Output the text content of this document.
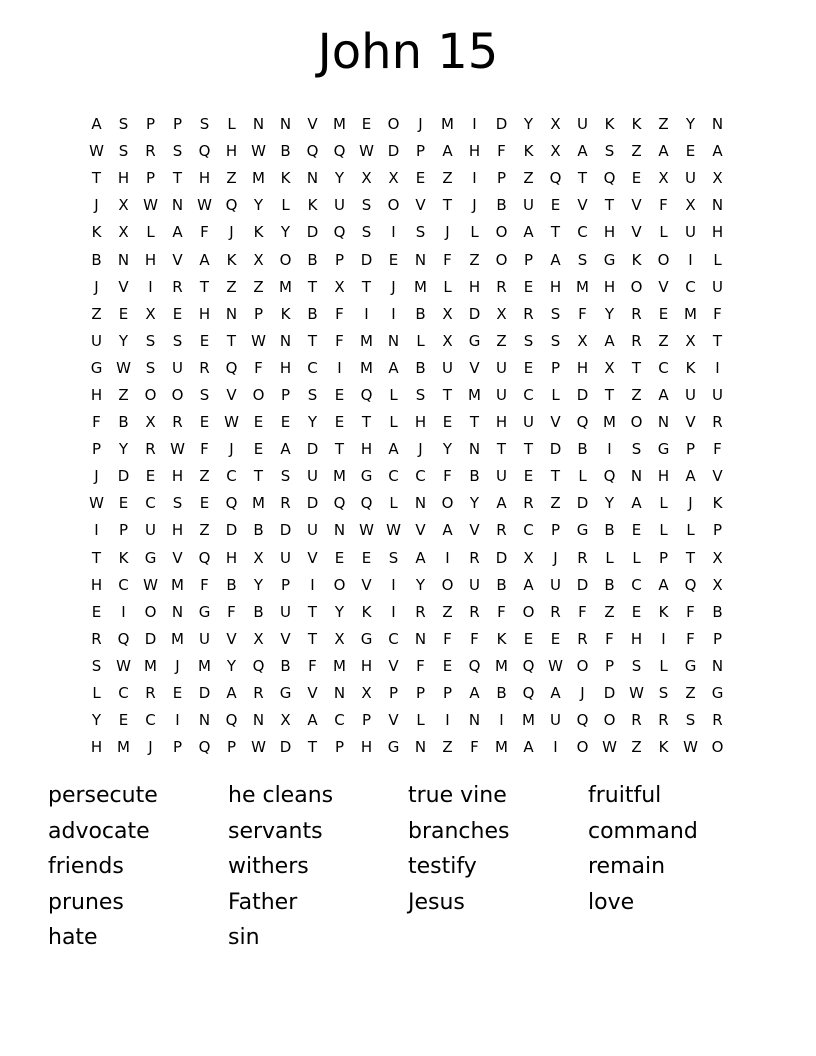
John 15
A	S	P	P	S	L	N	N	V	M	E	O	J	M	I	D	Y	X	U	K	K	Z	Y	N
W S	R	S	Q	H W B	Q	Q W D	P	A	H	F	K	X	A	S	Z	A	E	A
T	H	P	T	H	Z	M	K	N	Y	X	X	E	Z	I	P	Z	Q	T	Q	E	X	U	X
J	X W N W Q	Y	L	K	U	S	O	V	T	J	B	U	E	V	T	V	F	X	N
K	X	L	A	F	J	K	Y	D	Q	S	I	S	J	L	O	A	T	C	H	V	L	U	H
B	N	H	V	A	K	X	O	B	P	D	E	N	F	Z	O	P	A	S	G	K	O	I	L
J	V	I	R	T	Z	Z	M	T	X	T	J	M	L	H	R	E	H M H	O	V	C	U
Z	E	X	E	H	N	P	K	B	F	I	I	B	X	D	X	R	S	F	Y	R	E	M	F
U	Y	S	S	E	T	W N	T	F	M N	L	X	G	Z	S	S	X	A	R	Z	X	T
G W S	U	R	Q	F	H	C	I	M	A	B	U	V	U	E	P	H	X	T	C	K	I
H	Z	O	O	S	V	O	P	S	E	Q	L	S	T	M	U	C	L	D	T	Z	A	U	U
F	B	X	R	E W E	E	Y	E	T	L	H	E	T	H	U	V	Q M O	N	V	R
P	Y	R W	F	J	E	A	D	T	H	A	J	Y	N	T	T	D	B	I	S	G	P	F
J	D	E	H	Z	C	T	S	U	M G	C	C	F	B	U	E	T	L	Q	N	H	A	V
W E	C	S	E	Q M	R	D	Q	Q	L	N	O	Y	A	R	Z	D	Y	A	L	J	K
I	P	U	H	Z	D	B	D	U	N W W V	A	V	R	C	P	G	B	E	L	L	P
T	K	G	V	Q	H	X	U	V	E	E	S	A	I	R	D	X	J	R	L	L	P	T	X
H	C W M	F	B	Y	P	I	O	V	I	Y	O	U	B	A	U	D	B	C	A	Q	X
E	I	O	N	G	F	B	U	T	Y	K	I	R	Z	R	F	O	R	F	Z	E	K	F	B
R	Q	D M	U	V	X	V	T	X	G	C	N	F	F	K	E	E	R	F	H	I	F	P
S W M	J	M	Y	Q	B	F	M H	V	F	E	Q M Q W O	P	S	L	G	N
L	C	R	E	D	A	R	G	V	N	X	P	P	P	A	B	Q	A	J	D W S	Z	G
Y	E	C	I	N	Q	N	X	A	C	P	V	L	I	N	I	M	U	Q	O	R	R	S	R
H M	J	P	Q	P	W D	T	P	H	G	N	Z	F	M	A	I	O W Z	K W O
persecute	he cleans	true vine	fruitful
advocate	servants	branches	command
friends	withers	testify	remain
prunes	Father	Jesus	love
hate	sin
